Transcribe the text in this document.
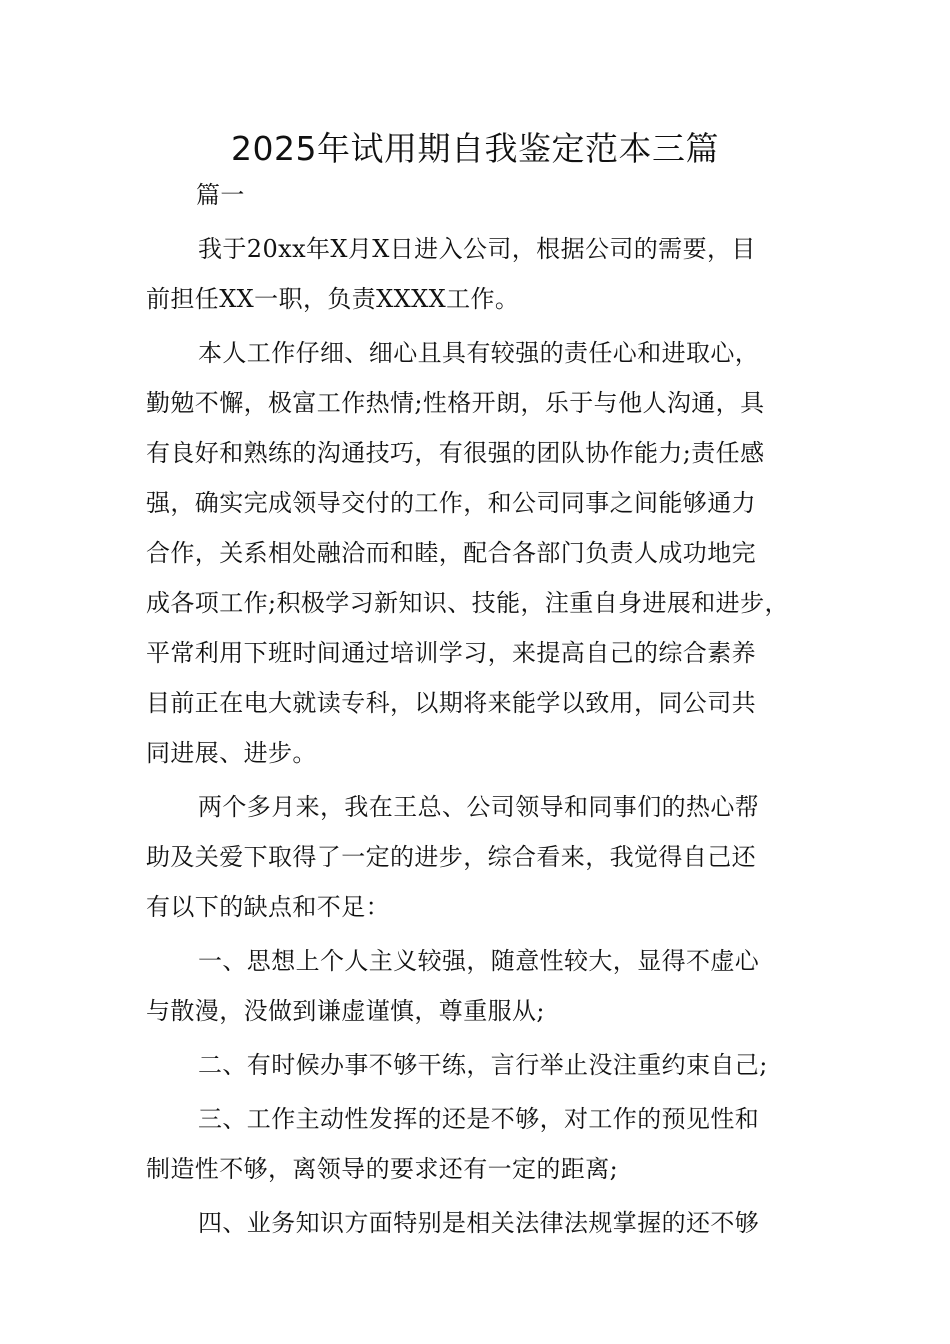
2025年试用期自我鉴定范本三篇
篇一
我于20xx年X月X日进入公司，根据公司的需要，目
前担任XX一职，负责XXXX工作。
本人工作仔细、细心且具有较强的责任心和进取心，
勤勉不懈，极富工作热情;性格开朗，乐于与他人沟通，具
有良好和熟练的沟通技巧，有很强的团队协作能力;责任感
强，确实完成领导交付的工作，和公司同事之间能够通力
合作，关系相处融洽而和睦，配合各部门负责人成功地完
成各项工作;积极学习新知识、技能，注重自身进展和进步，
平常利用下班时间通过培训学习，来提高自己的综合素养
目前正在电大就读专科，以期将来能学以致用，同公司共
同进展、进步。
两个多月来，我在王总、公司领导和同事们的热心帮
助及关爱下取得了一定的进步，综合看来，我觉得自己还
有以下的缺点和不足：
一、思想上个人主义较强，随意性较大，显得不虚心
与散漫，没做到谦虚谨慎，尊重服从;
二、有时候办事不够干练，言行举止没注重约束自己;
三、工作主动性发挥的还是不够，对工作的预见性和
制造性不够，离领导的要求还有一定的距离;
四、业务知识方面特别是相关法律法规掌握的还不够
